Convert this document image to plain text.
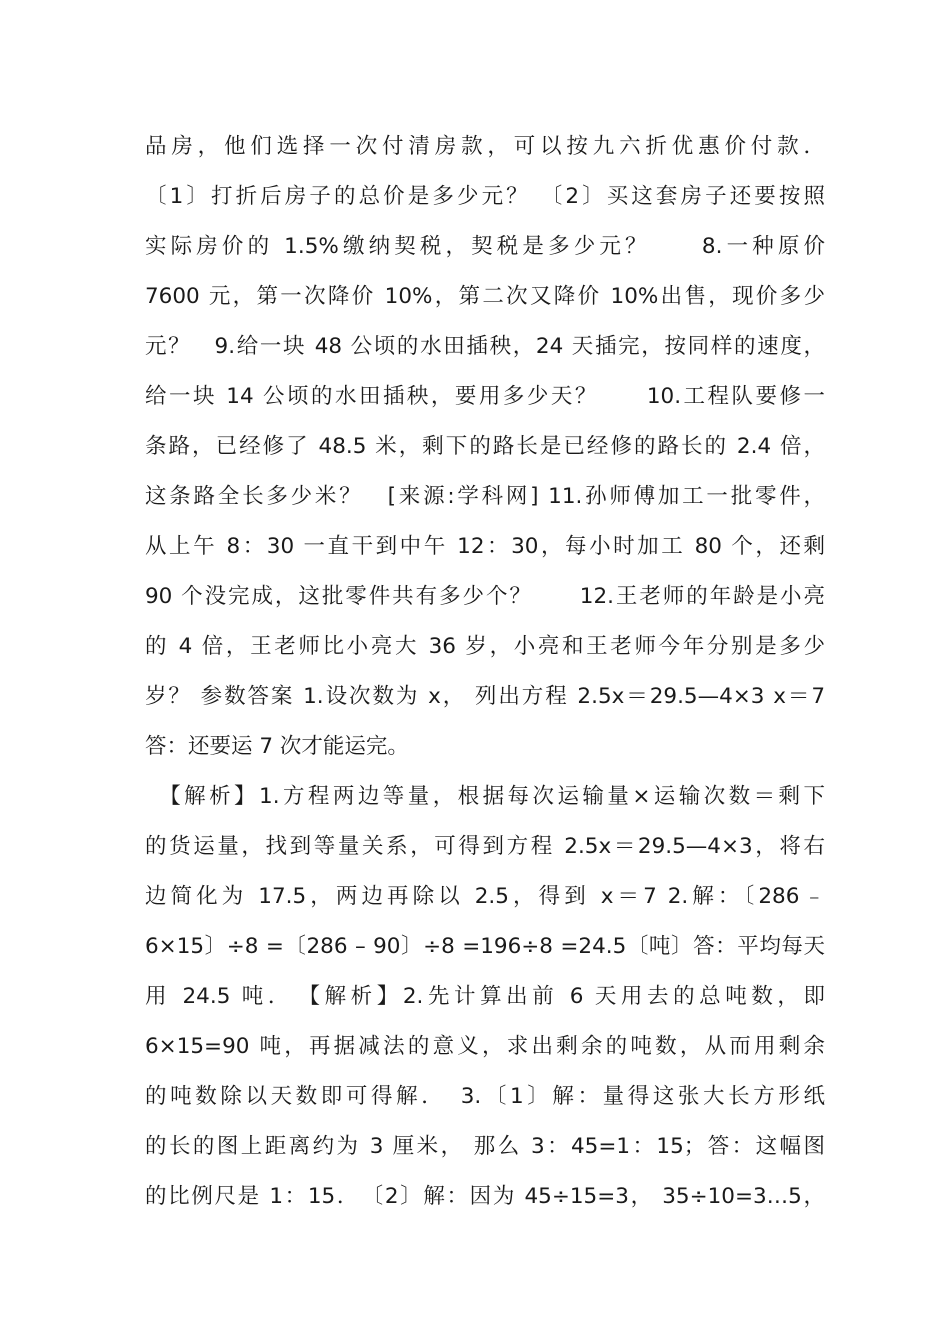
品房，他们选择一次付清房款，可以按九六折优惠价付款．
〔1〕打折后房子的总价是多少元？ 〔2〕买这套房子还要按照
实际房价的 1.5%缴纳契税，契税是多少元？　　8.一种原价
7600 元，第一次降价 10%，第二次又降价 10%出售，现价多少
元？　9.给一块 48 公顷的水田插秧，24 天插完，按同样的速度，
给一块 14 公顷的水田插秧，要用多少天？　　10.工程队要修一
条路，已经修了 48.5 米，剩下的路长是已经修的路长的 2.4 倍，
这条路全长多少米？　[来源:学科网] 11.孙师傅加工一批零件，
从上午 8：30 一直干到中午 12：30，每小时加工 80 个，还剩
90 个没完成，这批零件共有多少个？　　12.王老师的年龄是小亮
的 4 倍，王老师比小亮大 36 岁，小亮和王老师今年分别是多少
岁？ 参数答案 1.设次数为 x， 列出方程 2.5x＝29.5—4×3 x＝7
答：还要运 7 次才能运完。
　【解析】1.方程两边等量，根据每次运输量×运输次数＝剩下
的货运量，找到等量关系，可得到方程 2.5x＝29.5—4×3，将右
边简化为 17.5，两边再除以 2.5，得到 x＝7 2.解：〔286﹣
6×15〕÷8 =〔286 – 90〕÷8 =196÷8 =24.5〔吨〕答：平均每天
用 24.5 吨．　【解析】2.先计算出前 6 天用去的总吨数，即
6×15=90 吨，再据减法的意义，求出剩余的吨数，从而用剩余
的吨数除以天数即可得解．　3.〔1〕解：量得这张大长方形纸
的长的图上距离约为 3 厘米， 那么 3：45=1：15；答：这幅图
的比例尺是 1：15．　〔2〕解：因为 45÷15=3， 35÷10=3…5，
